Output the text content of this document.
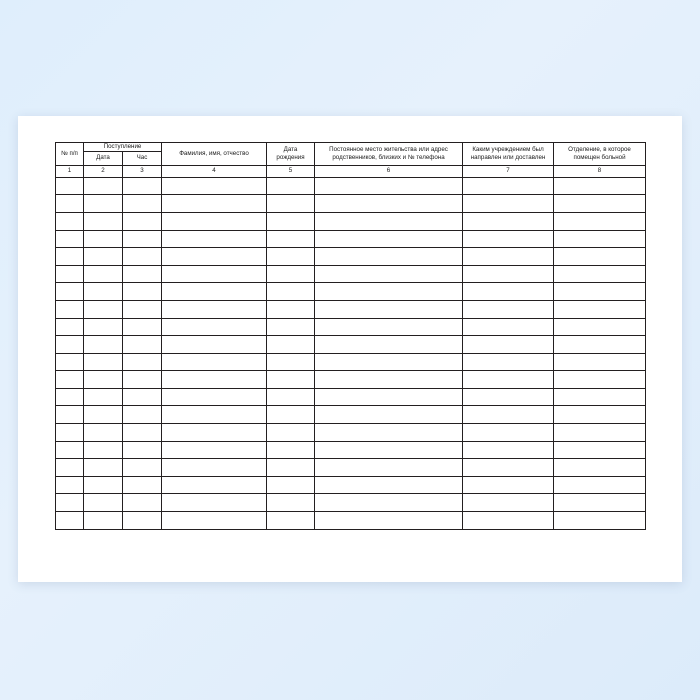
№ п/п	Поступление		Фамилия, имя, отчество	Дата рождения	Постоянное место жительства или адрес родственников, близких и № телефона	Каким учреждением был направлен или доставлен	Отделение, в которое помещен больной

	Дата	Час					

1	2	3	4	5	6	7	8
